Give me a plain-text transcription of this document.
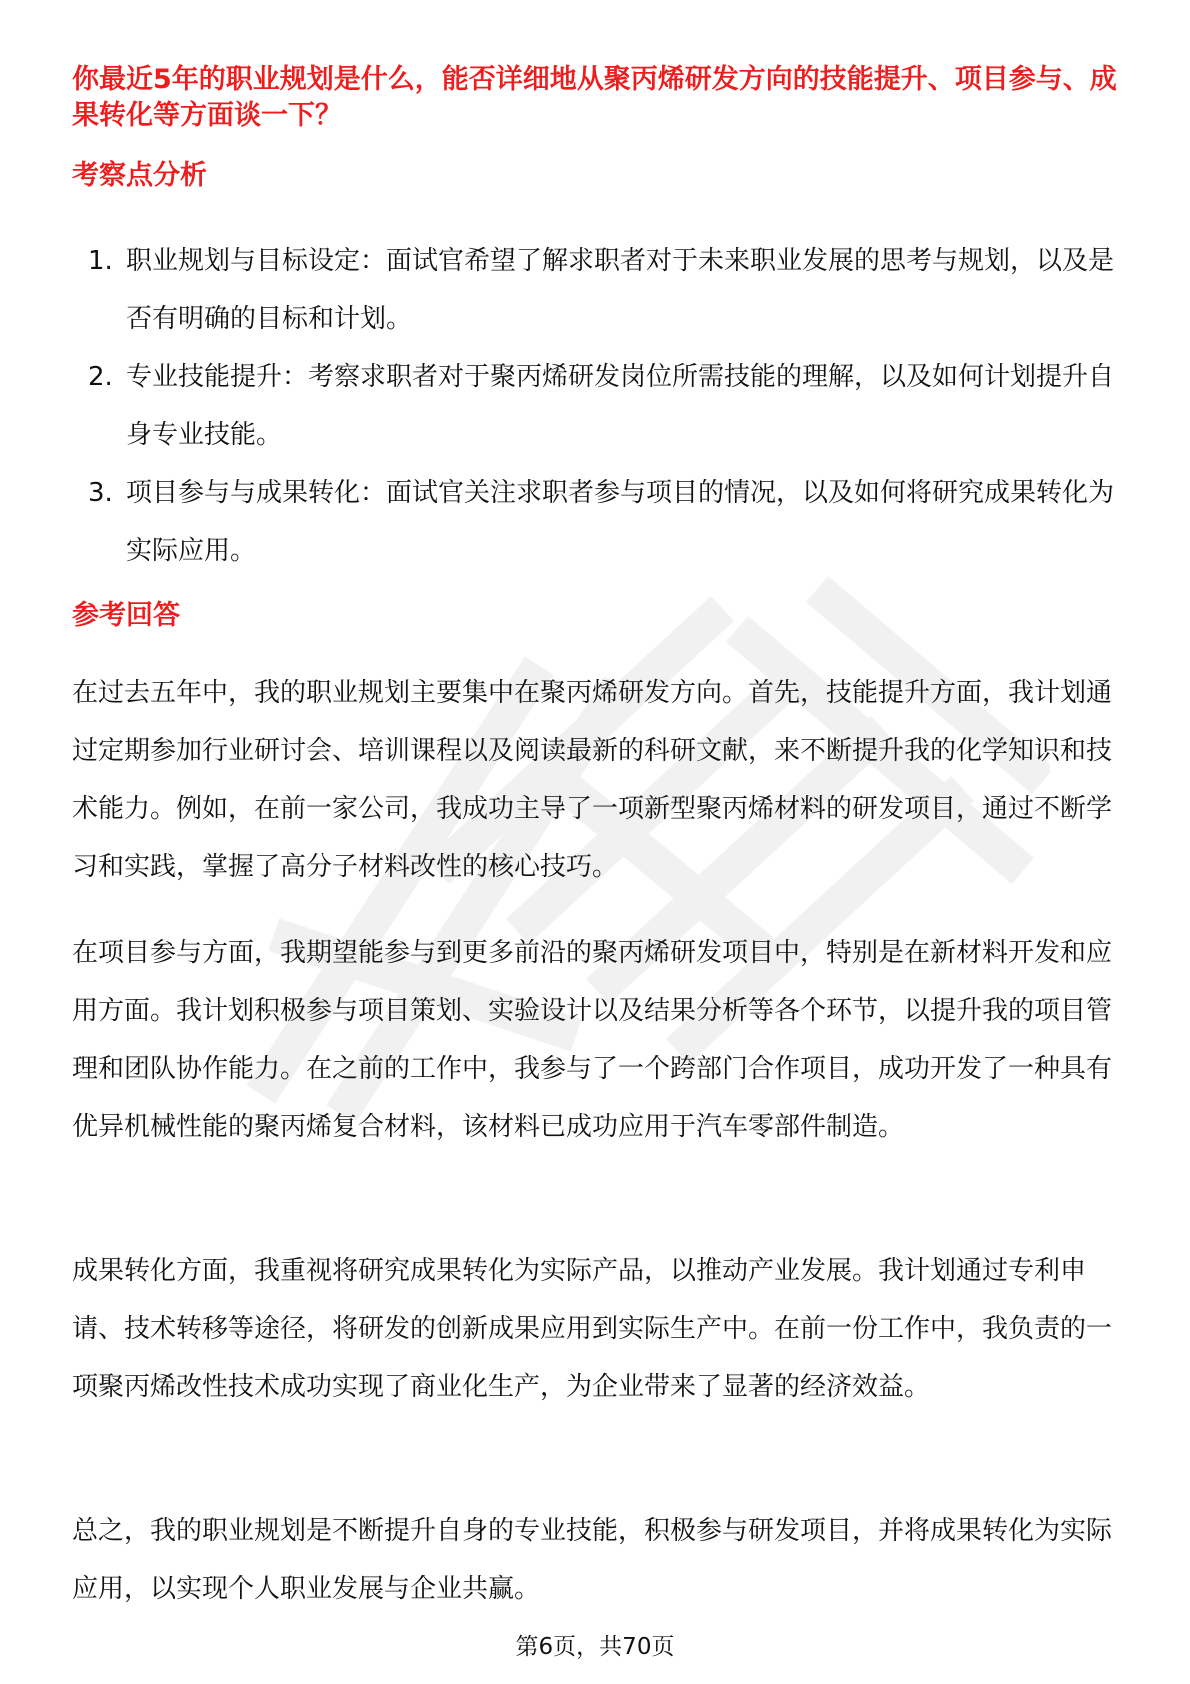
你最近5年的职业规划是什么，能否详细地从聚丙烯研发方向的技能提升、项目参与、成果转化等方面谈一下？
考察点分析
1. 职业规划与目标设定：面试官希望了解求职者对于未来职业发展的思考与规划，以及是否有明确的目标和计划。
2. 专业技能提升：考察求职者对于聚丙烯研发岗位所需技能的理解，以及如何计划提升自身专业技能。
3. 项目参与与成果转化：面试官关注求职者参与项目的情况，以及如何将研究成果转化为实际应用。
参考回答

在过去五年中，我的职业规划主要集中在聚丙烯研发方向。首先，技能提升方面，我计划通过定期参加行业研讨会、培训课程以及阅读最新的科研文献，来不断提升我的化学知识和技术能力。例如，在前一家公司，我成功主导了一项新型聚丙烯材料的研发项目，通过不断学习和实践，掌握了高分子材料改性的核心技巧。

在项目参与方面，我期望能参与到更多前沿的聚丙烯研发项目中，特别是在新材料开发和应用方面。我计划积极参与项目策划、实验设计以及结果分析等各个环节，以提升我的项目管理和团队协作能力。在之前的工作中，我参与了一个跨部门合作项目，成功开发了一种具有优异机械性能的聚丙烯复合材料，该材料已成功应用于汽车零部件制造。

成果转化方面，我重视将研究成果转化为实际产品，以推动产业发展。我计划通过专利申请、技术转移等途径，将研发的创新成果应用到实际生产中。在前一份工作中，我负责的一项聚丙烯改性技术成功实现了商业化生产，为企业带来了显著的经济效益。

总之，我的职业规划是不断提升自身的专业技能，积极参与研发项目，并将成果转化为实际应用，以实现个人职业发展与企业共赢。

第6页，共70页
